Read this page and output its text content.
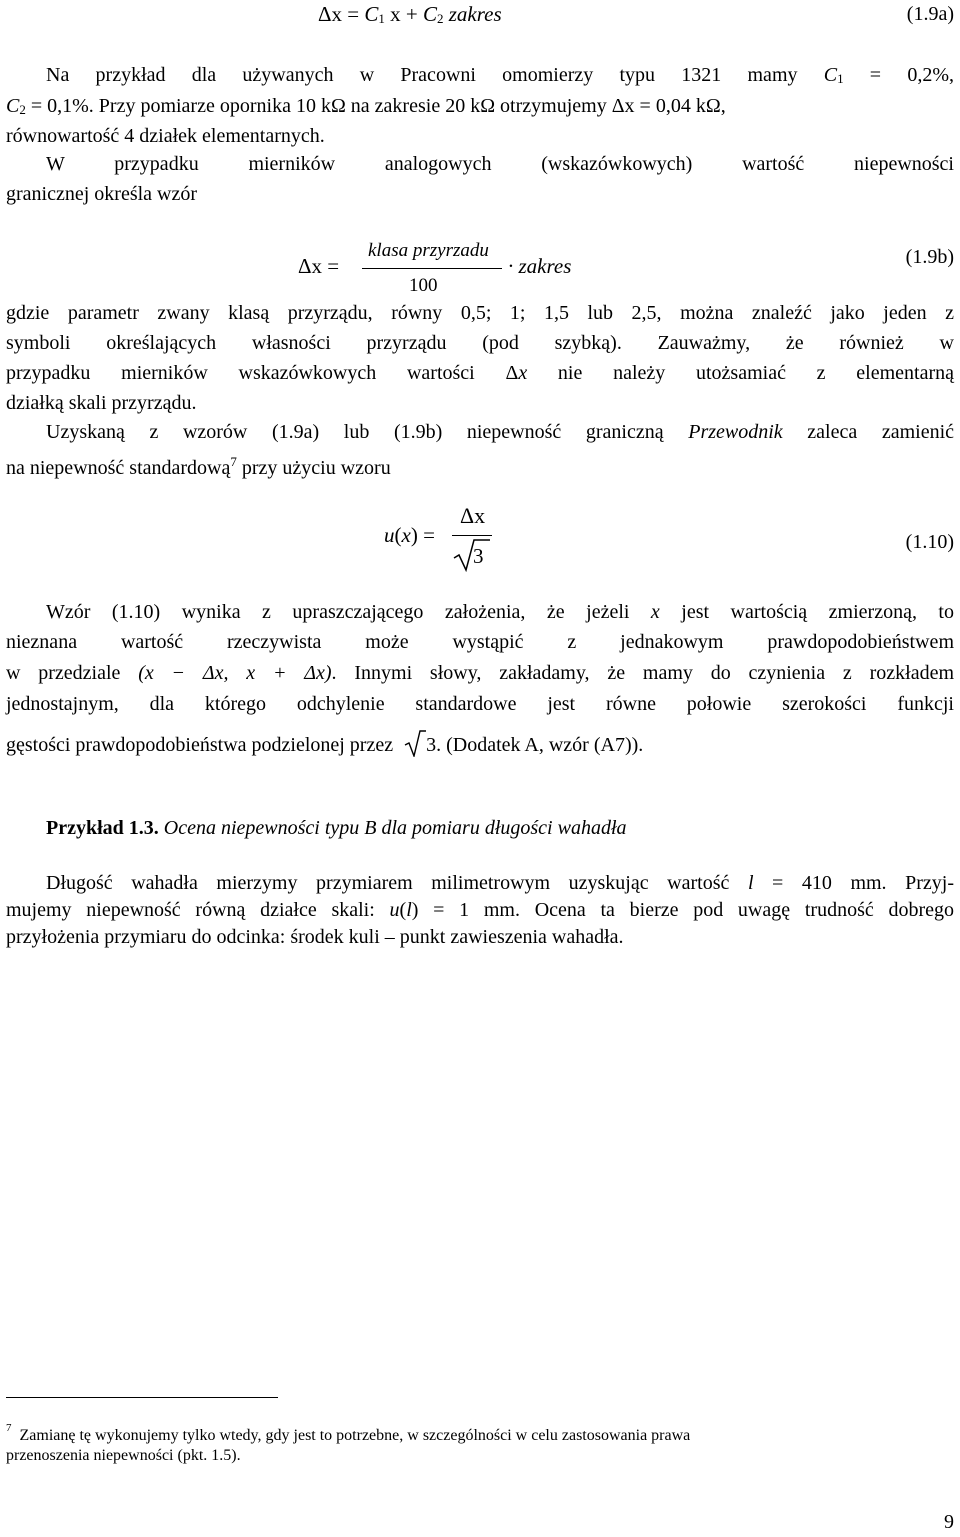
$\Delta x = C_1$ $x + C_2$ zakres	(1.9a)
Na przykład dla używanych w Pracowni omomierzy typu 1321 mamy $C_1 = 0,2\%$,
$C_2 = 0,1\%$. Przy pomiarze opornika 10 kΩ na zakresie 20 kΩ otrzymujemy Δx = 0,04 kΩ,
równowartość 4 działek elementarnych.
W przypadku mierników analogowych (wskazówkowych) wartość niepewności
granicznej określa wzór
Δx =
klasa przyrzadu
100
· zakres	(1.9b)
gdzie parametr zwany klasą przyrządu, równy 0,5; 1; 1,5 lub 2,5, można znaleźć jako jeden z
symboli określających własności przyrządu (pod szybką). Zauważmy, że również w
przypadku mierników wskazówkowych wartości Δx nie należy utożsamiać z elementarną
działką skali przyrządu.
Uzyskaną z wzorów (1.9a) lub (1.9b) niepewność graniczną Przewodnik zaleca zamienić
na niepewność standardową$^7$ przy użyciu wzoru
u(x) =
Δx
3
(1.10)
Wzór (1.10) wynika z upraszczającego założenia, że jeżeli x jest wartością zmierzoną, to
nieznana wartość rzeczywista może wystąpić z jednakowym prawdopodobieństwem
w przedziale (x − Δx, x + Δx). Innymi słowy, zakładamy, że mamy do czynienia z rozkładem
jednostajnym, dla którego odchylenie standardowe jest równe połowie szerokości funkcji
gęstości prawdopodobieństwa podzielonej przez 3. (Dodatek A, wzór (A7)).
Przykład 1.3. Ocena niepewności typu B dla pomiaru długości wahadła
Długość wahadła mierzymy przymiarem milimetrowym uzyskując wartość l = 410 mm. Przyj-
mujemy niepewność równą działce skali: u(l) = 1 mm. Ocena ta bierze pod uwagę trudność dobrego
przyłożenia przymiaru do odcinka: środek kuli – punkt zawieszenia wahadła.
$^7$ Zamianę tę wykonujemy tylko wtedy, gdy jest to potrzebne, w szczególności w celu zastosowania prawa
przenoszenia niepewności (pkt. 1.5).
9
